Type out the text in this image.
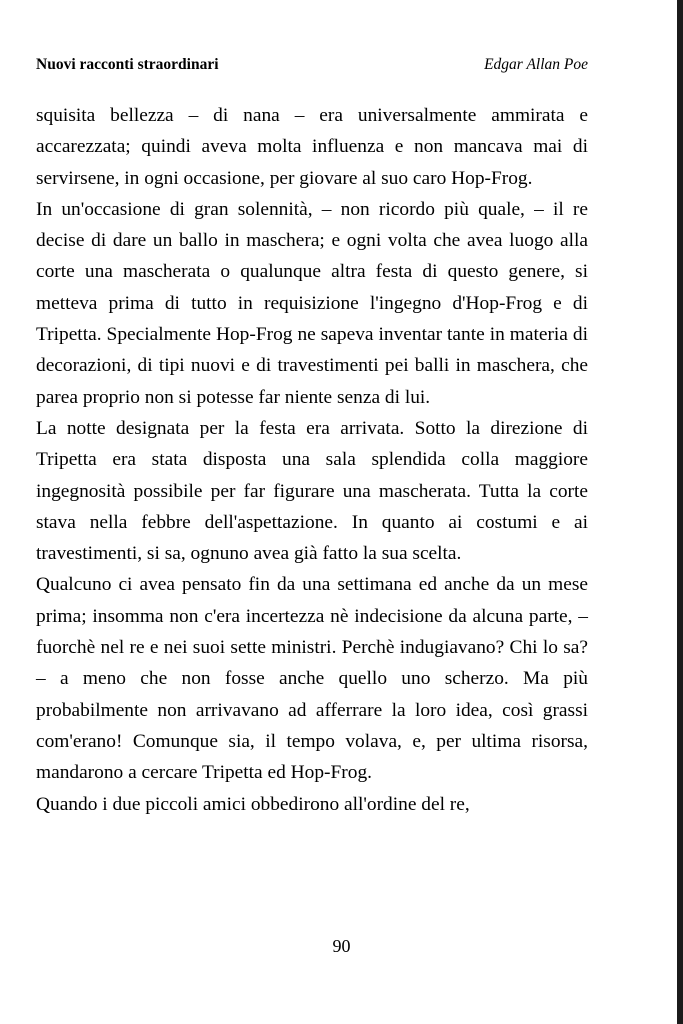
Nuovi racconti straordinari	Edgar Allan Poe

squisita bellezza – di nana – era universalmente ammirata e accarezzata; quindi aveva molta influenza e non mancava mai di servirsene, in ogni occasione, per giovare al suo caro Hop-Frog.

In un'occasione di gran solennità, – non ricordo più quale, – il re decise di dare un ballo in maschera; e ogni volta che avea luogo alla corte una mascherata o qualunque altra festa di questo genere, si metteva prima di tutto in requisizione l'ingegno d'Hop-Frog e di Tripetta. Specialmente Hop-Frog ne sapeva inventar tante in materia di decorazioni, di tipi nuovi e di travestimenti pei balli in maschera, che parea proprio non si potesse far niente senza di lui.

La notte designata per la festa era arrivata. Sotto la direzione di Tripetta era stata disposta una sala splendida colla maggiore ingegnosità possibile per far figurare una mascherata. Tutta la corte stava nella febbre dell'aspettazione. In quanto ai costumi e ai travestimenti, si sa, ognuno avea già fatto la sua scelta.

Qualcuno ci avea pensato fin da una settimana ed anche da un mese prima; insomma non c'era incertezza nè indecisione da alcuna parte, – fuorchè nel re e nei suoi sette ministri. Perchè indugiavano? Chi lo sa? – a meno che non fosse anche quello uno scherzo. Ma più probabilmente non arrivavano ad afferrare la loro idea, così grassi com'erano! Comunque sia, il tempo volava, e, per ultima risorsa, mandarono a cercare Tripetta ed Hop-Frog.

Quando i due piccoli amici obbedirono all'ordine del re,

90
